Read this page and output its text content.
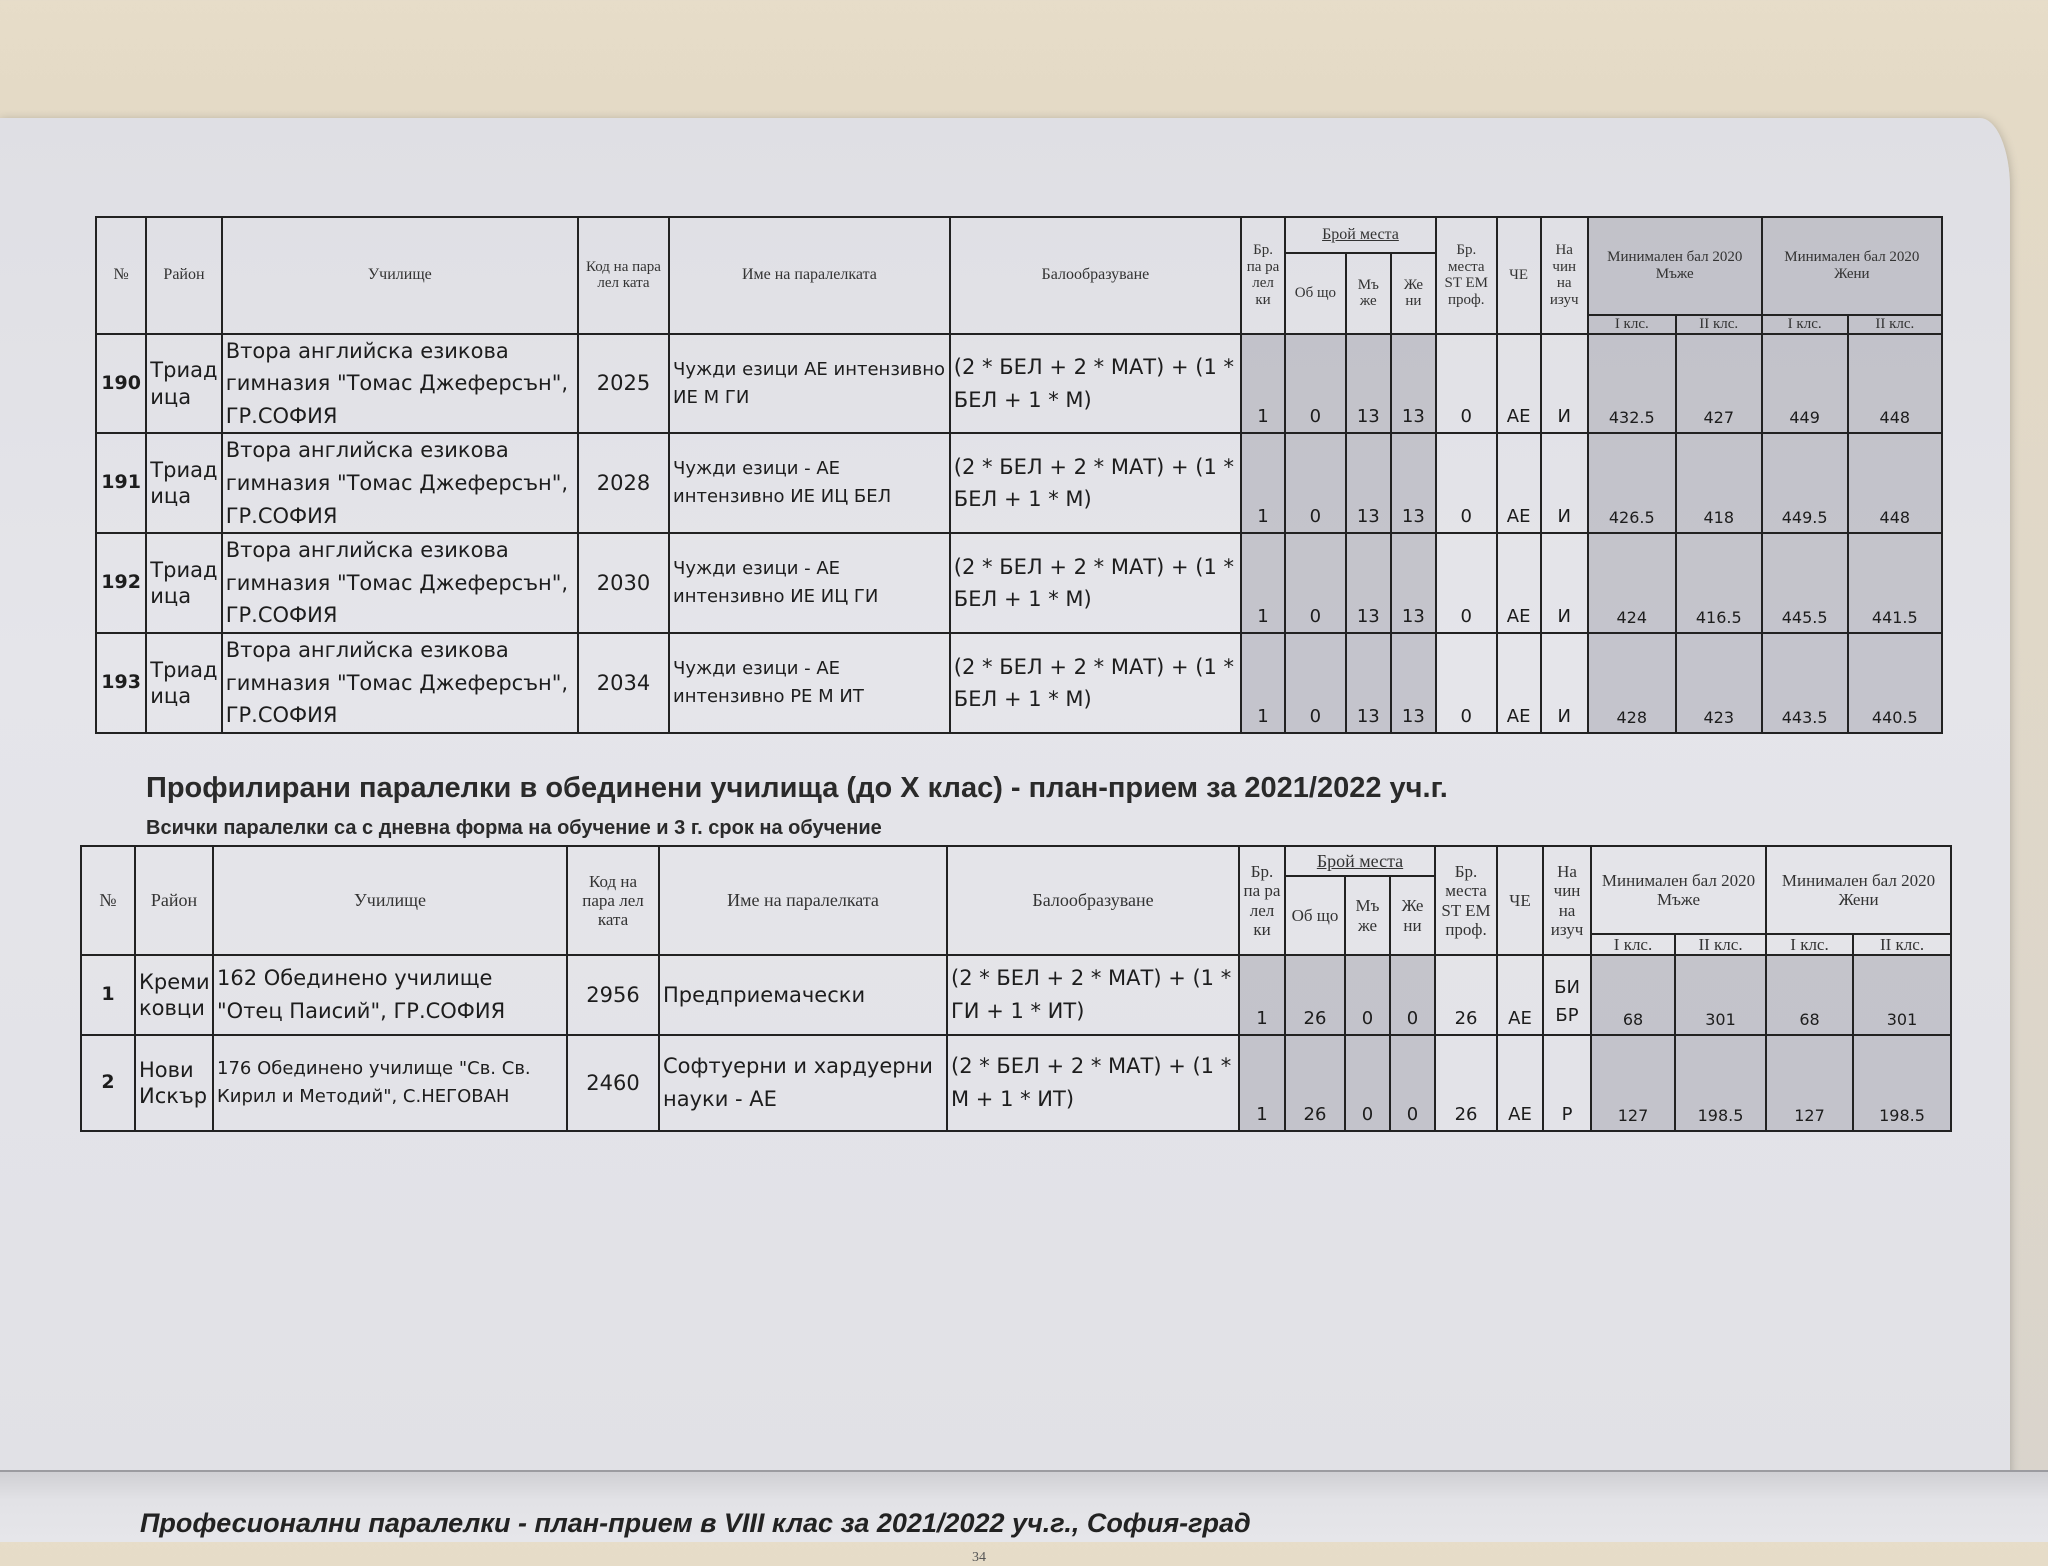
34
№	Район	Училище	Код на пара лел ката	Име на паралелката	Балообразуване	Бр. па ра лел ки	Брой места			Бр. места ST EM проф.	ЧЕ	На чин на изуч	Минимален бал 2020 Мъже		Минимален бал 2020 Жени	
							Об що	Мъ же	Же ни							
													I клс.	II клс.	I клс.	II клс.
190	Триад ица	Втора английска езикова гимназия "Томас Джеферсън", ГР.СОФИЯ	2025	Чужди езици АЕ интензивно ИЕ М ГИ	(2 * БЕЛ + 2 * МАТ) + (1 * БЕЛ + 1 * М)	1	0	13	13	0	АЕ	И	432.5	427	449	448
191	Триад ица	Втора английска езикова гимназия "Томас Джеферсън", ГР.СОФИЯ	2028	Чужди езици - АЕ интензивно ИЕ ИЦ БЕЛ	(2 * БЕЛ + 2 * МАТ) + (1 * БЕЛ + 1 * М)	1	0	13	13	0	АЕ	И	426.5	418	449.5	448
192	Триад ица	Втора английска езикова гимназия "Томас Джеферсън", ГР.СОФИЯ	2030	Чужди езици - АЕ интензивно ИЕ ИЦ ГИ	(2 * БЕЛ + 2 * МАТ) + (1 * БЕЛ + 1 * М)	1	0	13	13	0	АЕ	И	424	416.5	445.5	441.5
193	Триад ица	Втора английска езикова гимназия "Томас Джеферсън", ГР.СОФИЯ	2034	Чужди езици - АЕ интензивно РЕ М ИТ	(2 * БЕЛ + 2 * МАТ) + (1 * БЕЛ + 1 * М)	1	0	13	13	0	АЕ	И	428	423	443.5	440.5
Профилирани паралелки в обединени училища (до Х клас) - план-прием за 2021/2022 уч.г.
Всички паралелки са с дневна форма на обучение и 3 г. срок на обучение
№	Район	Училище	Код на пара лел ката	Име на паралелката	Балообразуване	Бр. па ра лел ки	Брой места			Бр. места ST EM проф.	ЧЕ	На чин на изуч	Минимален бал 2020 Мъже		Минимален бал 2020 Жени	
							Об що	Мъ же	Же ни							
													I клс.	II клс.	I клс.	II клс.
1	Креми ковци	162 Обединено училище "Отец Паисий", ГР.СОФИЯ	2956	Предприемачески	(2 * БЕЛ + 2 * МАТ) + (1 * ГИ + 1 * ИТ)	1	26	0	0	26	АЕ	БИ БР	68	301	68	301
2	Нови Искър	176 Обединено училище "Св. Св. Кирил и Методий", С.НЕГОВАН	2460	Софтуерни и хардуерни науки - АЕ	(2 * БЕЛ + 2 * МАТ) + (1 * М + 1 * ИТ)	1	26	0	0	26	АЕ	Р	127	198.5	127	198.5
Професионални паралелки - план-прием в VIII клас за 2021/2022 уч.г., София-град
